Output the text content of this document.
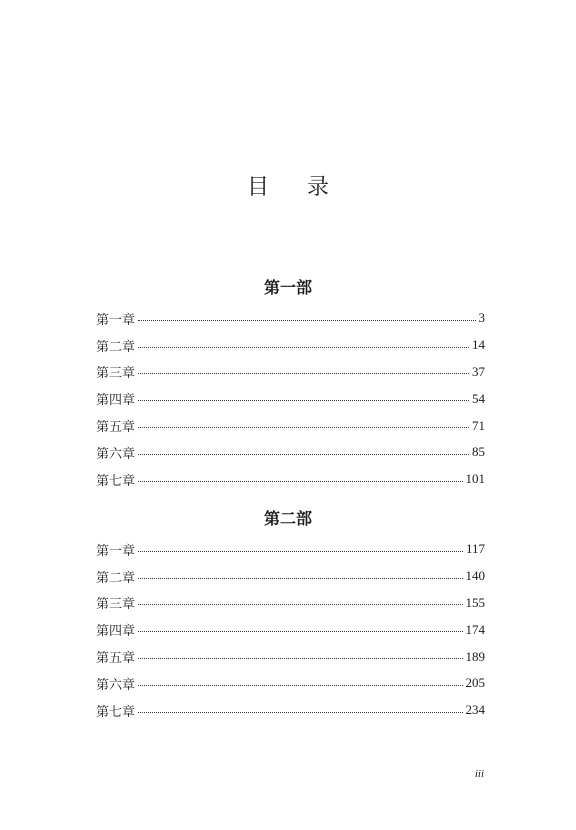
目 录
第一部
第一章	3
第二章	14
第三章	37
第四章	54
第五章	71
第六章	85
第七章	101
第二部
第一章	117
第二章	140
第三章	155
第四章	174
第五章	189
第六章	205
第七章	234
iii
